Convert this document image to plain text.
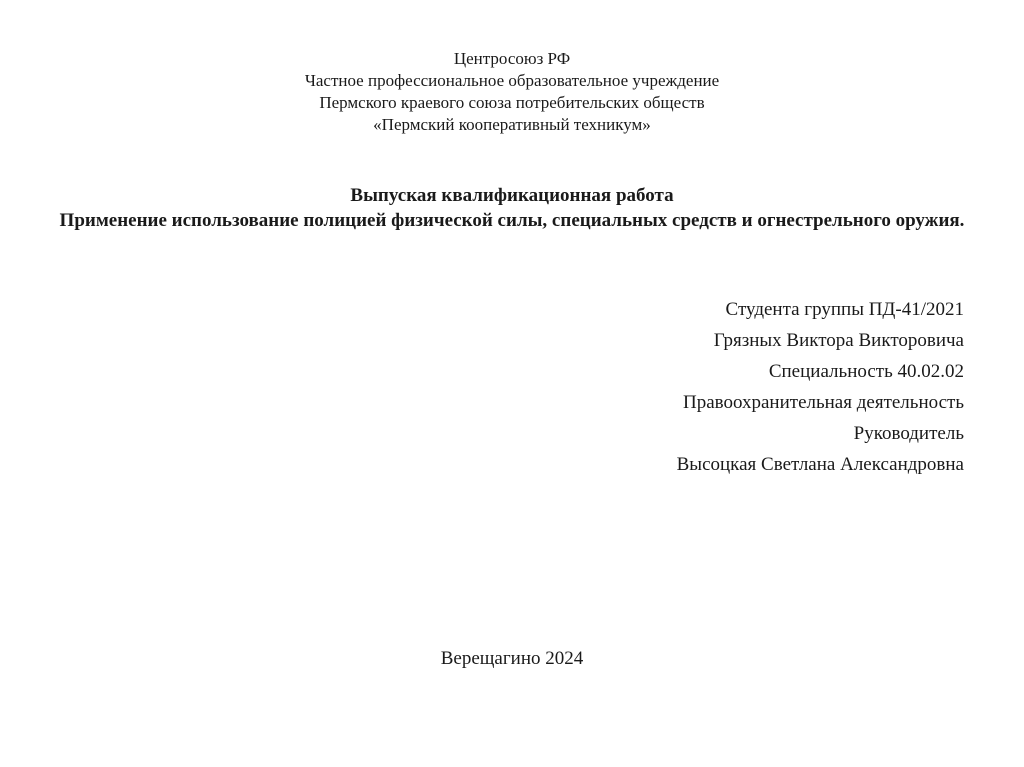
Центросоюз РФ
Частное профессиональное образовательное учреждение
Пермского краевого союза потребительских обществ
«Пермский кооперативный техникум»
Выпуская квалификационная работа
Применение использование полицией физической силы, специальных средств и огнестрельного оружия.
Студента группы ПД-41/2021
Грязных Виктора Викторовича
Специальность 40.02.02
Правоохранительная деятельность
Руководитель
Высоцкая Светлана Александровна
Верещагино 2024
